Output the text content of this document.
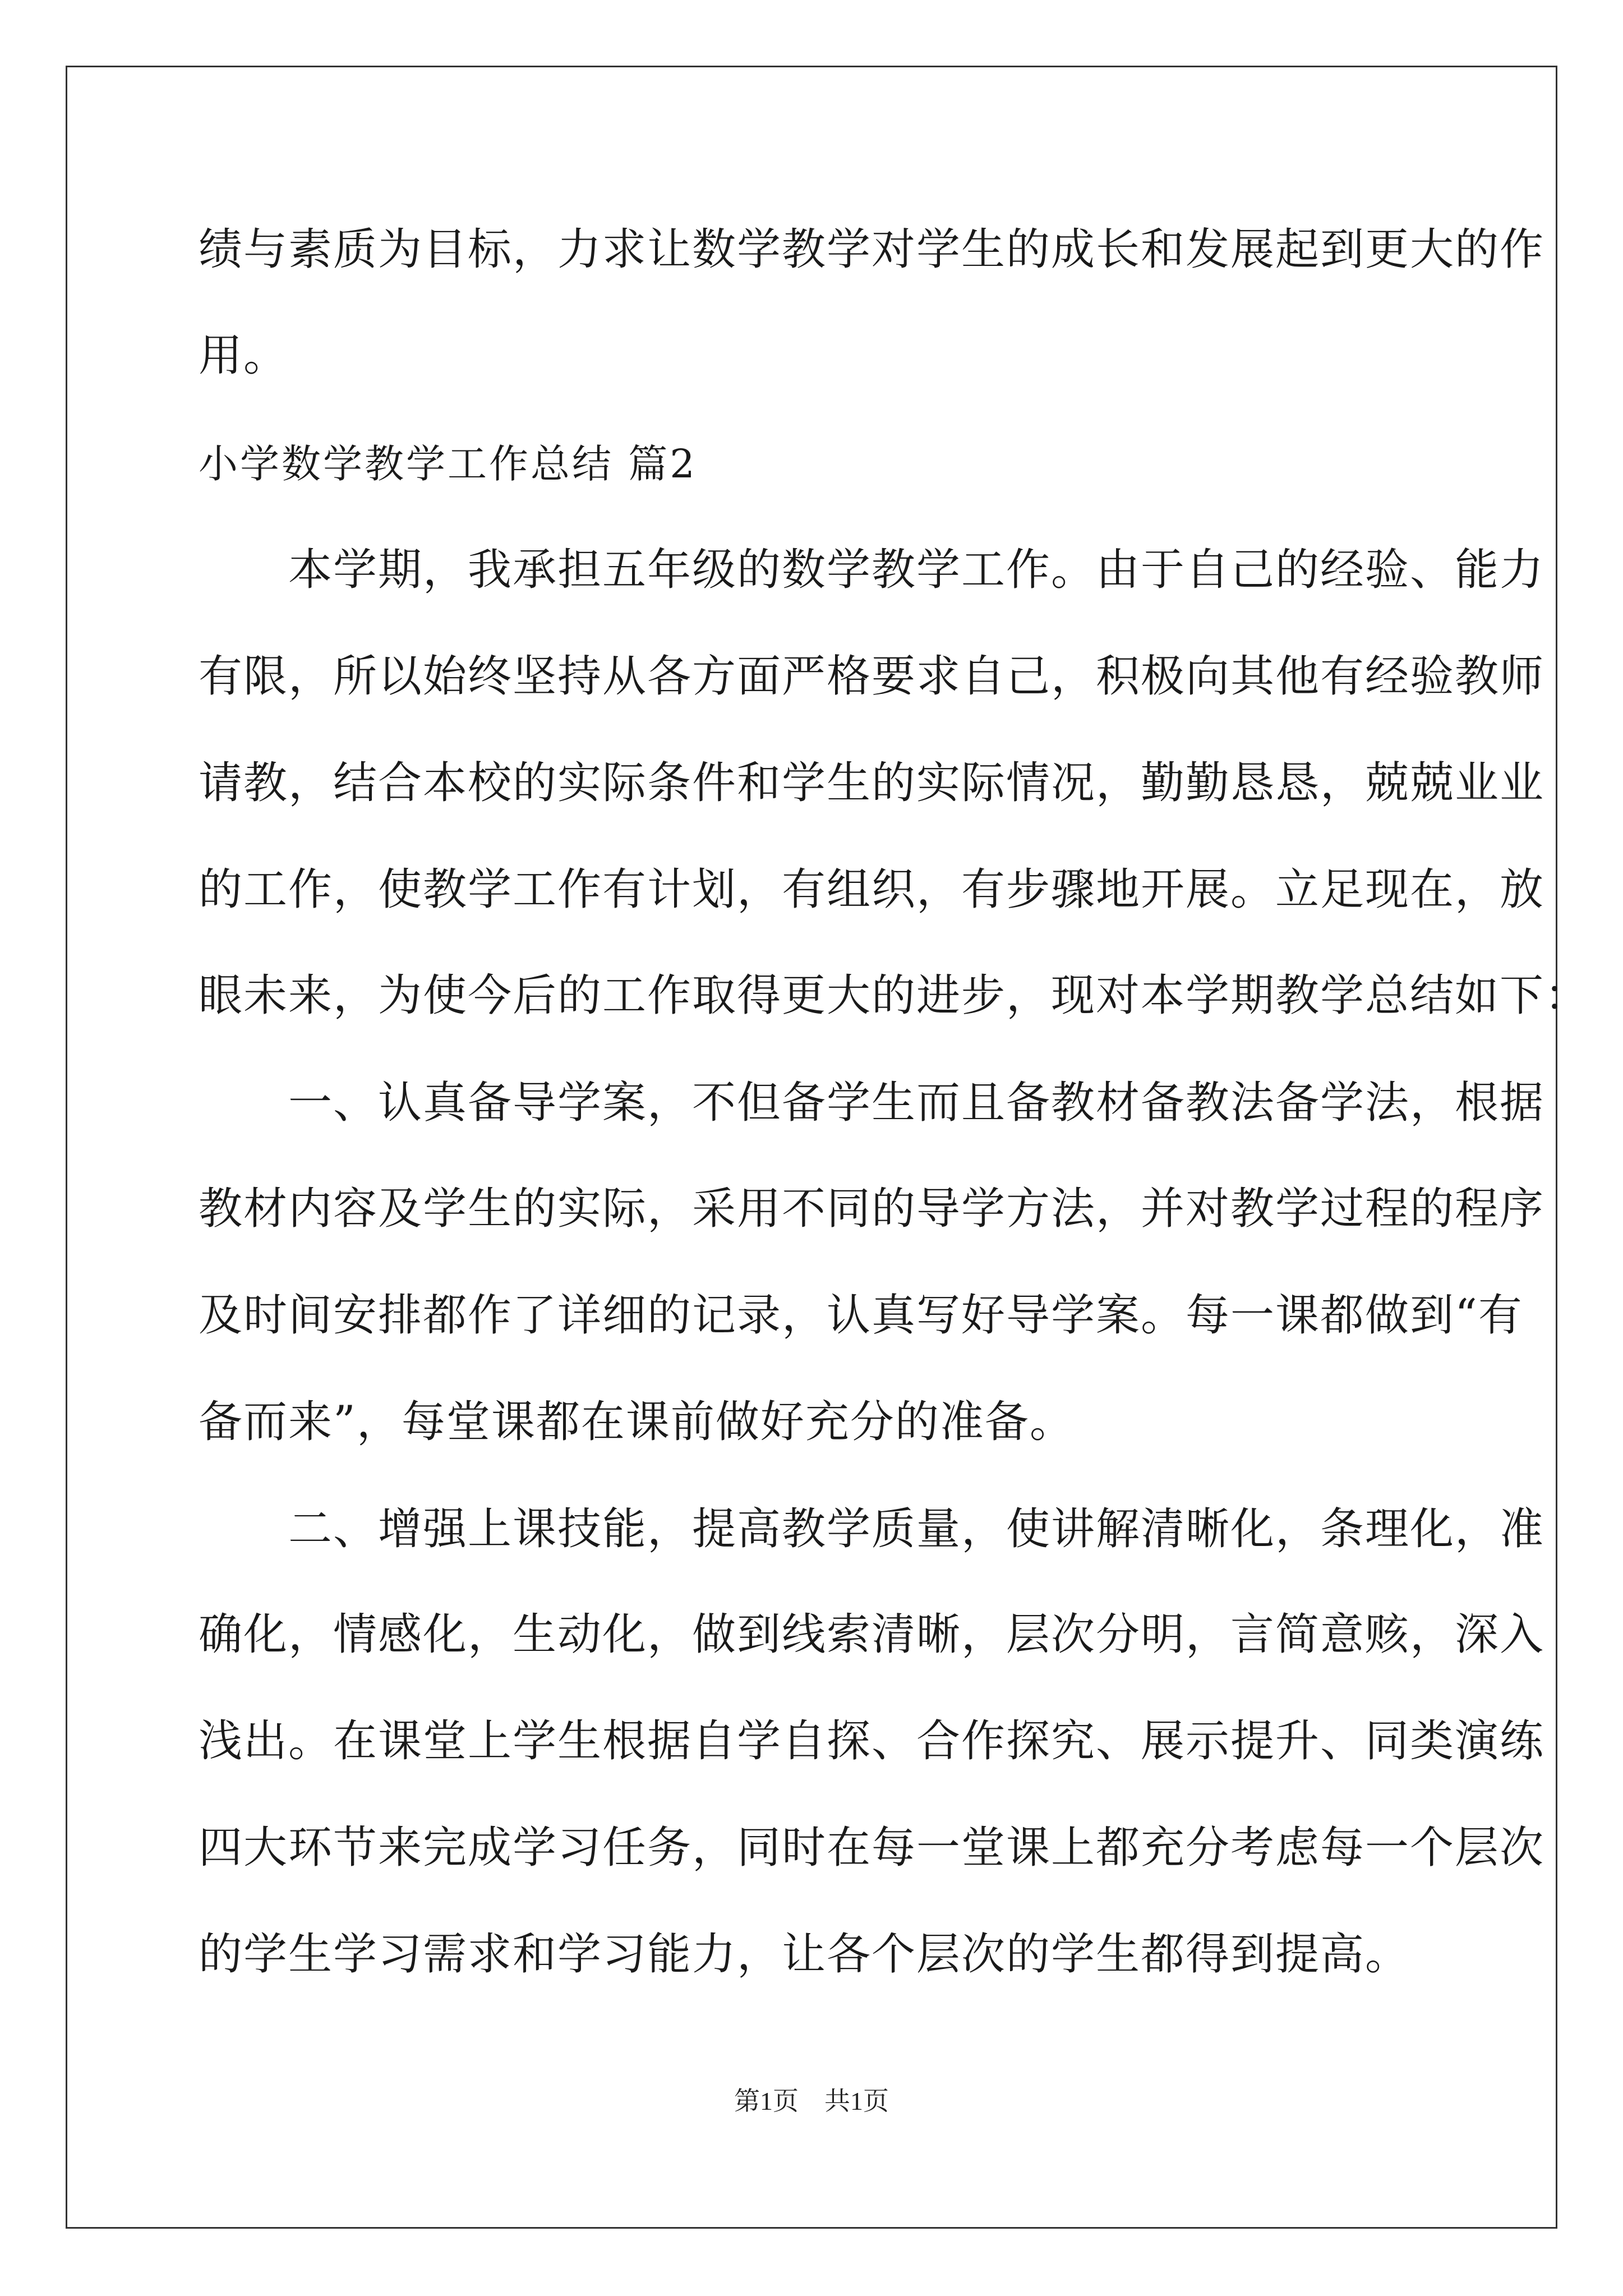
绩与素质为目标，力求让数学教学对学生的成长和发展起到更大的作
用。
小学数学教学工作总结 篇2
　　本学期，我承担五年级的数学教学工作。由于自己的经验、能力
有限，所以始终坚持从各方面严格要求自己，积极向其他有经验教师
请教，结合本校的实际条件和学生的实际情况，勤勤恳恳，兢兢业业
的工作，使教学工作有计划，有组织，有步骤地开展。立足现在，放
眼未来，为使今后的工作取得更大的进步，现对本学期教学总结如下：
　　一、认真备导学案，不但备学生而且备教材备教法备学法，根据
教材内容及学生的实际，采用不同的导学方法，并对教学过程的程序
及时间安排都作了详细的记录，认真写好导学案。每一课都做到“有
备而来”，每堂课都在课前做好充分的准备。
　　二、增强上课技能，提高教学质量，使讲解清晰化，条理化，准
确化，情感化，生动化，做到线索清晰，层次分明，言简意赅，深入
浅出。在课堂上学生根据自学自探、合作探究、展示提升、同类演练
四大环节来完成学习任务，同时在每一堂课上都充分考虑每一个层次
的学生学习需求和学习能力，让各个层次的学生都得到提高。
第1页　共1页
